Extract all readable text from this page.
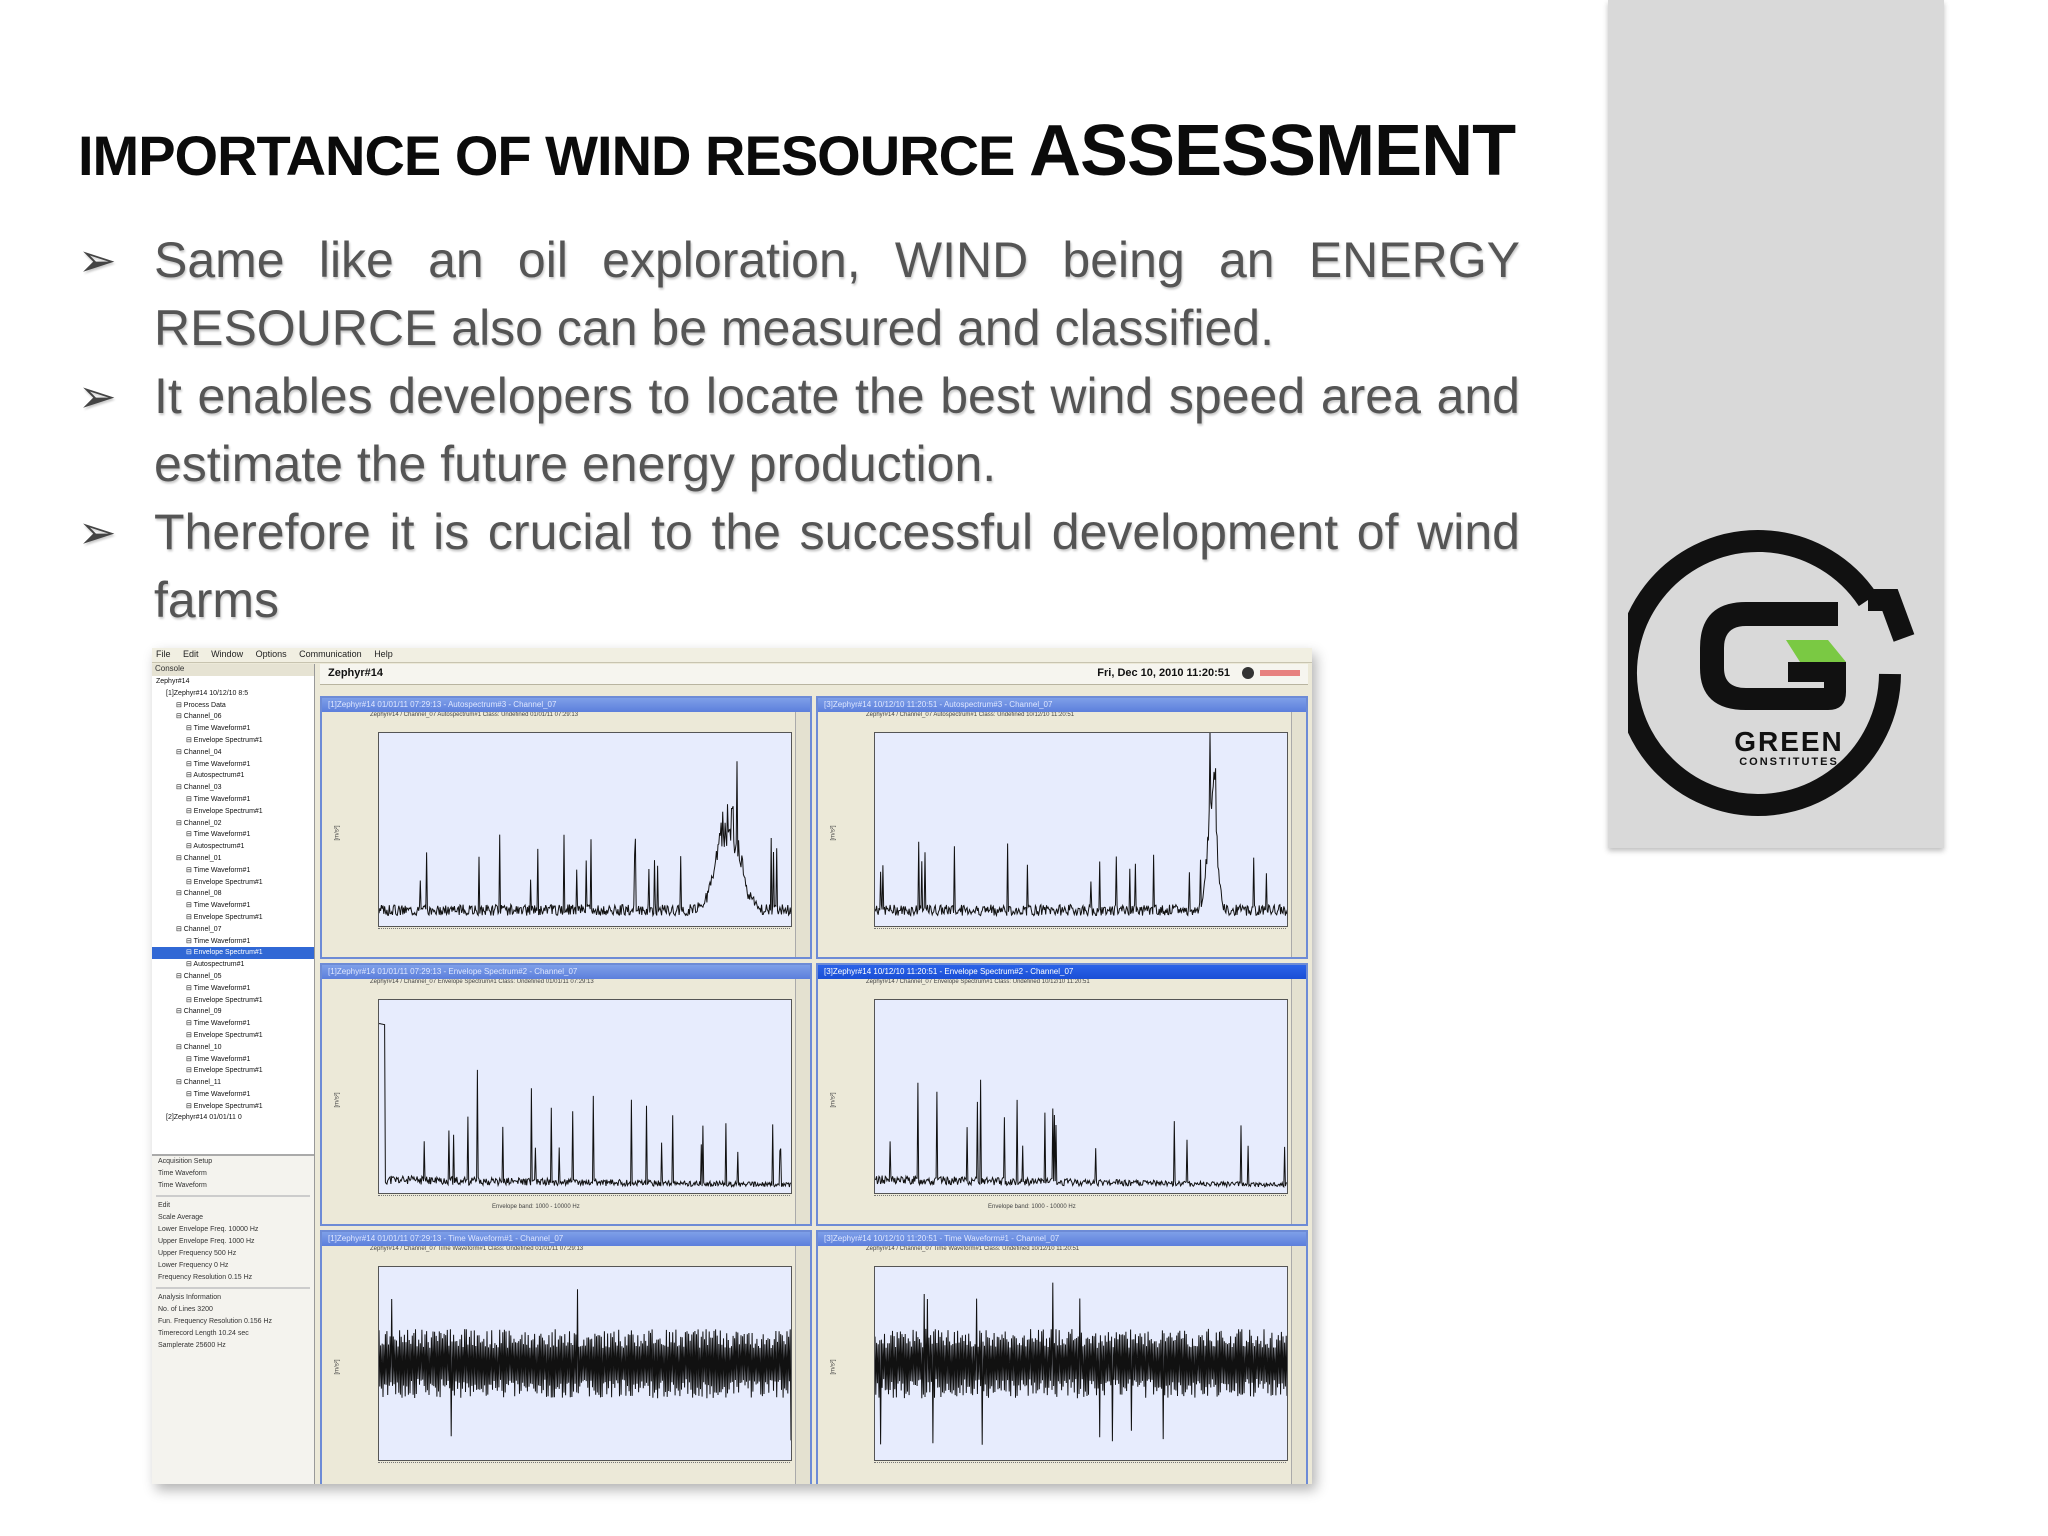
IMPORTANCE OF WIND RESOURCE ASSESSMENT
➢ Same like an oil exploration, WIND being an ENERGY RESOURCE also can be measured and classified.
➢ It enables developers to locate the best wind speed area and estimate the future energy production.
➢ Therefore it is crucial to the successful development of wind farms
GREEN
CONSTITUTES
File Edit Window Options Communication Help
Console
Zephyr#14
[1]Zephyr#14 10/12/10 8:5
⊟ Process Data
⊟ Channel_06
⊟ Time Waveform#1
⊟ Envelope Spectrum#1
⊟ Channel_04
⊟ Time Waveform#1
⊟ Autospectrum#1
⊟ Channel_03
⊟ Time Waveform#1
⊟ Envelope Spectrum#1
⊟ Channel_02
⊟ Time Waveform#1
⊟ Autospectrum#1
⊟ Channel_01
⊟ Time Waveform#1
⊟ Envelope Spectrum#1
⊟ Channel_08
⊟ Time Waveform#1
⊟ Envelope Spectrum#1
⊟ Channel_07
⊟ Time Waveform#1
⊟ Envelope Spectrum#1
⊟ Autospectrum#1
⊟ Channel_05
⊟ Time Waveform#1
⊟ Envelope Spectrum#1
⊟ Channel_09
⊟ Time Waveform#1
⊟ Envelope Spectrum#1
⊟ Channel_10
⊟ Time Waveform#1
⊟ Envelope Spectrum#1
⊟ Channel_11
⊟ Time Waveform#1
⊟ Envelope Spectrum#1
[2]Zephyr#14 01/01/11 0
Acquisition Setup
Time Waveform
Time Waveform
Edit
Scale Average
Lower Envelope Freq. 10000 Hz
Upper Envelope Freq. 1000 Hz
Upper Frequency 500 Hz
Lower Frequency 0 Hz
Frequency Resolution 0.15 Hz
Analysis Information
No. of Lines 3200
Fun. Frequency Resolution 0.156 Hz
Timerecord Length 10.24 sec
Samplerate 25600 Hz
Zephyr#14	Fri, Dec 10, 2010 11:20:51
[1]Zephyr#14 01/01/11 07:29:13 - Autospectrum#3 - Channel_07
Zephyr#14 / Channel_07 Autospectrum#1 Class: Undefined 01/01/11 07:29:13
[m/s²]
[3]Zephyr#14 10/12/10 11:20:51 - Autospectrum#3 - Channel_07
Zephyr#14 / Channel_07 Autospectrum#1 Class: Undefined 10/12/10 11:20:51
[m/s²]
[1]Zephyr#14 01/01/11 07:29:13 - Envelope Spectrum#2 - Channel_07
Zephyr#14 / Channel_07 Envelope Spectrum#1 Class: Undefined 01/01/11 07:29:13
[m/s²]
Envelope band: 1000 - 10000 Hz
[3]Zephyr#14 10/12/10 11:20:51 - Envelope Spectrum#2 - Channel_07
Zephyr#14 / Channel_07 Envelope Spectrum#1 Class: Undefined 10/12/10 11:20:51
[m/s²]
Envelope band: 1000 - 10000 Hz
[1]Zephyr#14 01/01/11 07:29:13 - Time Waveform#1 - Channel_07
Zephyr#14 / Channel_07 Time Waveform#1 Class: Undefined 01/01/11 07:29:13
[m/s²]
[3]Zephyr#14 10/12/10 11:20:51 - Time Waveform#1 - Channel_07
Zephyr#14 / Channel_07 Time Waveform#1 Class: Undefined 10/12/10 11:20:51
[m/s²]
